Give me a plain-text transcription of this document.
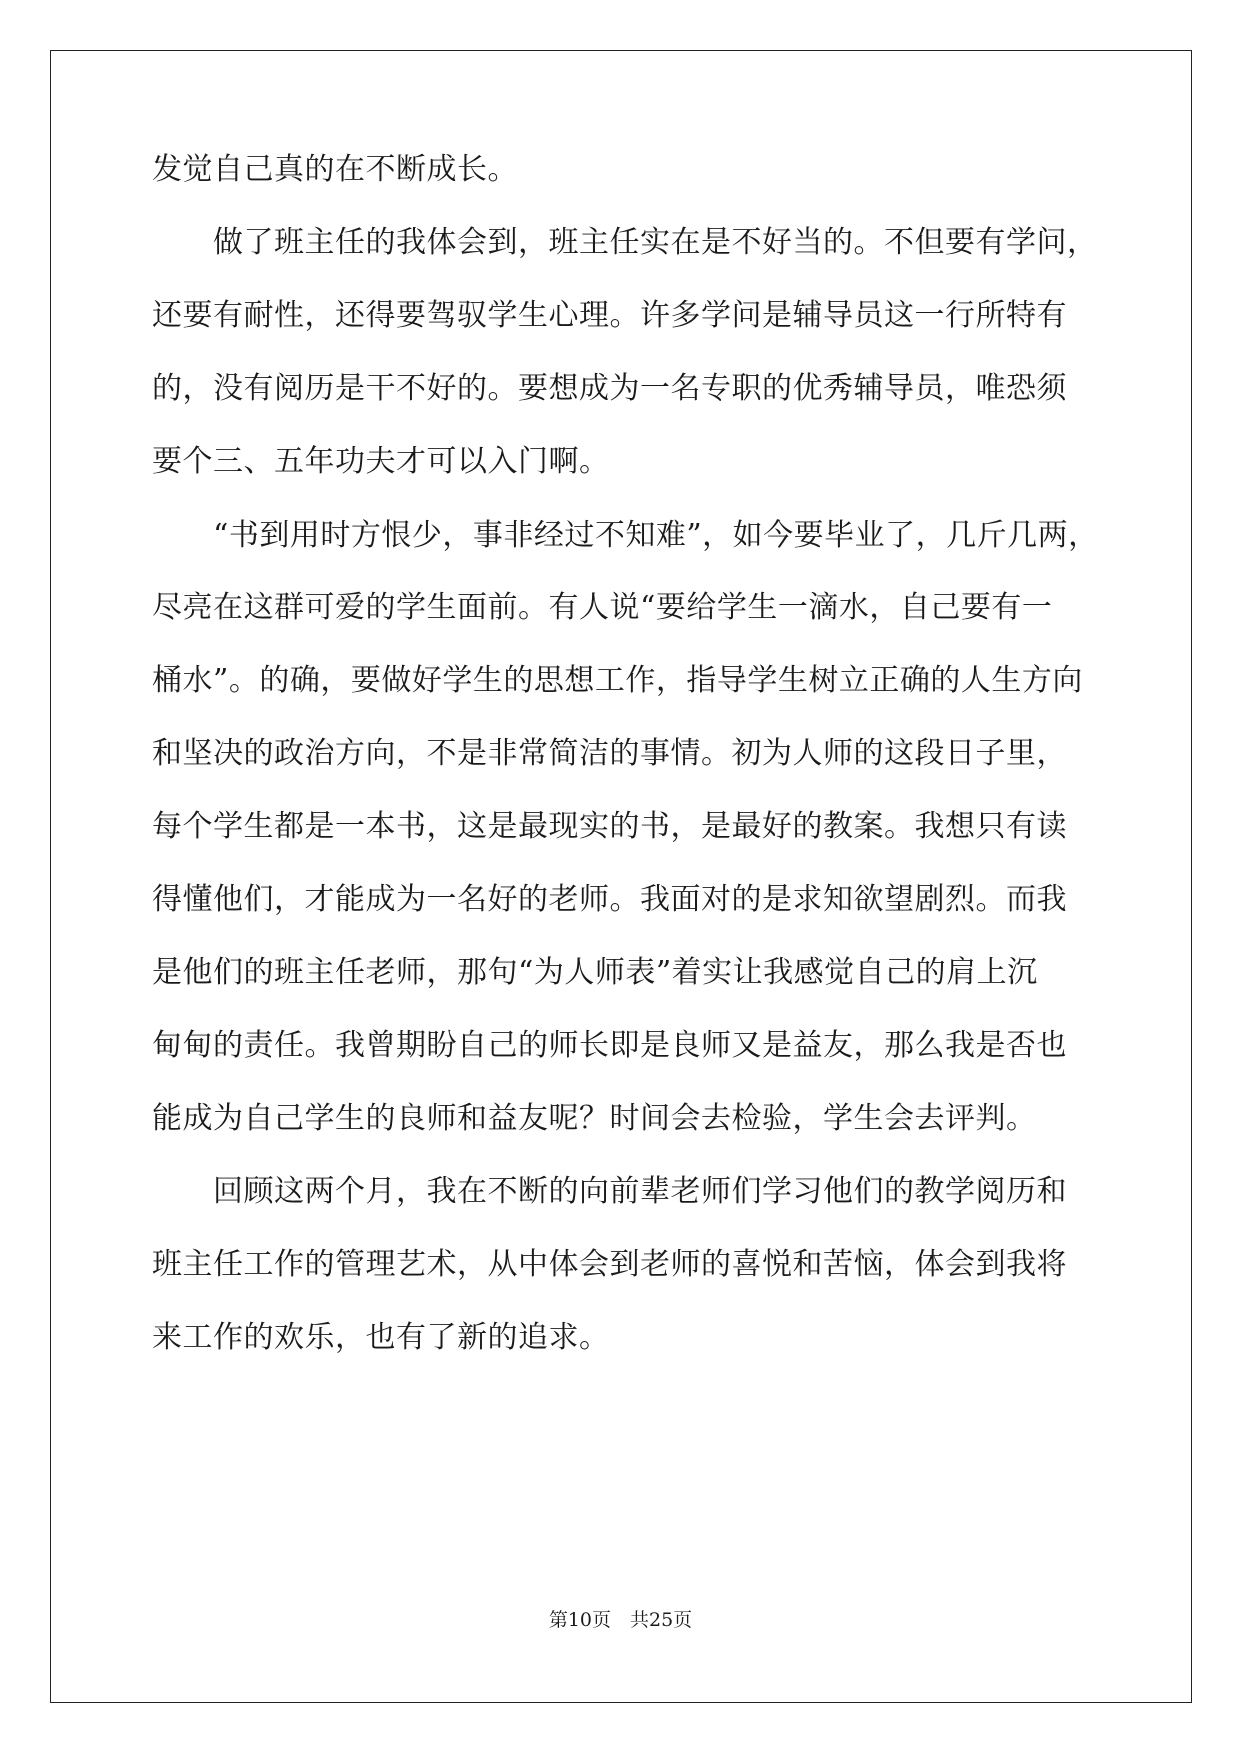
发觉自己真的在不断成长。
　　做了班主任的我体会到，班主任实在是不好当的。不但要有学问，
还要有耐性，还得要驾驭学生心理。许多学问是辅导员这一行所特有
的，没有阅历是干不好的。要想成为一名专职的优秀辅导员，唯恐须
要个三、五年功夫才可以入门啊。
　　“书到用时方恨少，事非经过不知难”，如今要毕业了，几斤几两，
尽亮在这群可爱的学生面前。有人说“要给学生一滴水，自己要有一
桶水”。的确，要做好学生的思想工作，指导学生树立正确的人生方向
和坚决的政治方向，不是非常简洁的事情。初为人师的这段日子里，
每个学生都是一本书，这是最现实的书，是最好的教案。我想只有读
得懂他们，才能成为一名好的老师。我面对的是求知欲望剧烈。而我
是他们的班主任老师，那句“为人师表”着实让我感觉自己的肩上沉
甸甸的责任。我曾期盼自己的师长即是良师又是益友，那么我是否也
能成为自己学生的良师和益友呢？时间会去检验，学生会去评判。
　　回顾这两个月，我在不断的向前辈老师们学习他们的教学阅历和
班主任工作的管理艺术，从中体会到老师的喜悦和苦恼，体会到我将
来工作的欢乐，也有了新的追求。
第10页　共25页
